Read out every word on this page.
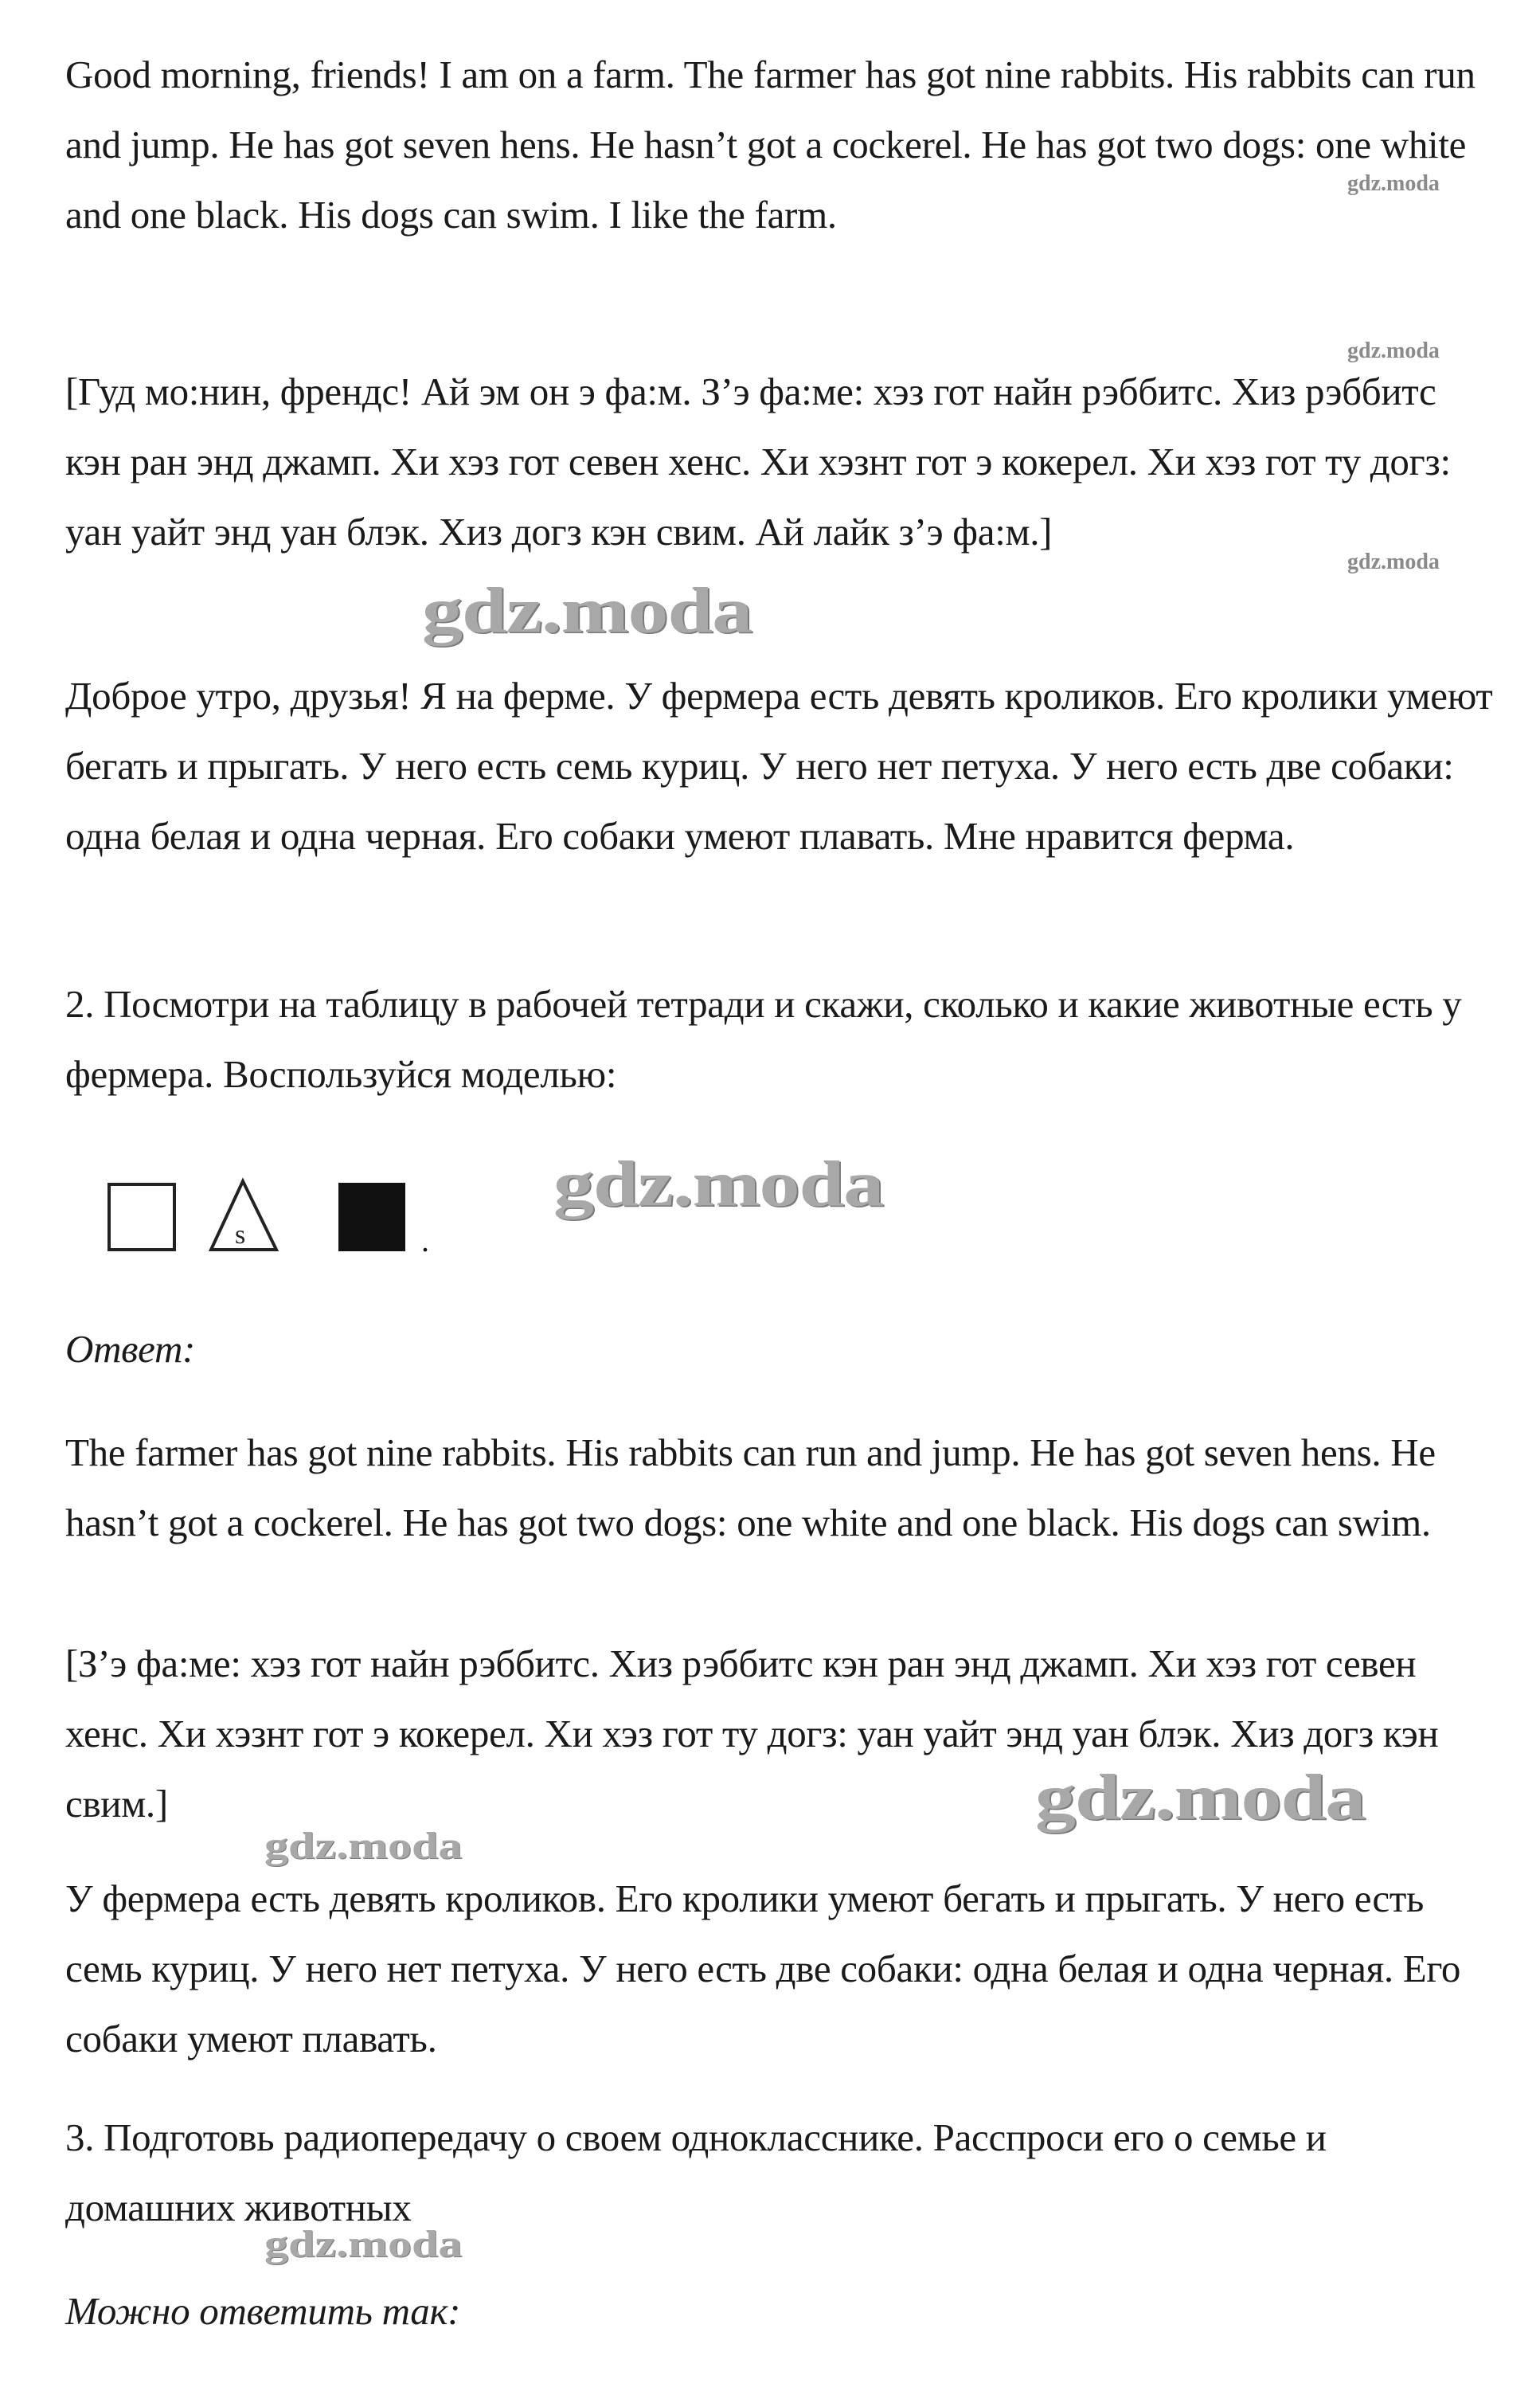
Good morning, friends! I am on a farm. The farmer has got nine rabbits. His rabbits can run and jump. He has got seven hens. He hasn’t got a cockerel. He has got two dogs: one white and one black. His dogs can swim. I like the farm.

[Гуд мо:нин, френдс! Ай эм он э фа:м. З’э фа:ме: хэз гот найн рэббитс. Хиз рэббитс кэн ран энд джамп. Хи хэз гот севен хенс. Хи хэзнт гот э кокерел. Хи хэз гот ту догз: уан уайт энд уан блэк. Хиз догз кэн свим. Ай лайк з’э фа:м.]

Доброе утро, друзья! Я на ферме. У фермера есть девять кроликов. Его кролики умеют бегать и прыгать. У него есть семь куриц. У него нет петуха. У него есть две собаки: одна белая и одна черная. Его собаки умеют плавать. Мне нравится ферма.

2. Посмотри на таблицу в рабочей тетради и скажи, сколько и какие животные есть у фермера. Воспользуйся моделью:

s	.

Ответ:

The farmer has got nine rabbits. His rabbits can run and jump. He has got seven hens. He hasn’t got a cockerel. He has got two dogs: one white and one black. His dogs can swim.

[З’э фа:ме: хэз гот найн рэббитс. Хиз рэббитс кэн ран энд джамп. Хи хэз гот севен хенс. Хи хэзнт гот э кокерел. Хи хэз гот ту догз: уан уайт энд уан блэк. Хиз догз кэн свим.]

У фермера есть девять кроликов. Его кролики умеют бегать и прыгать. У него есть семь куриц. У него нет петуха. У него есть две собаки: одна белая и одна черная. Его собаки умеют плавать.

3. Подготовь радиопередачу о своем однокласснике. Расспроси его о семье и домашних животных

Можно ответить так:

gdz.moda
gdz.moda
gdz.moda
gdz.moda
gdz.moda
gdz.moda
gdz.moda
gdz.moda
